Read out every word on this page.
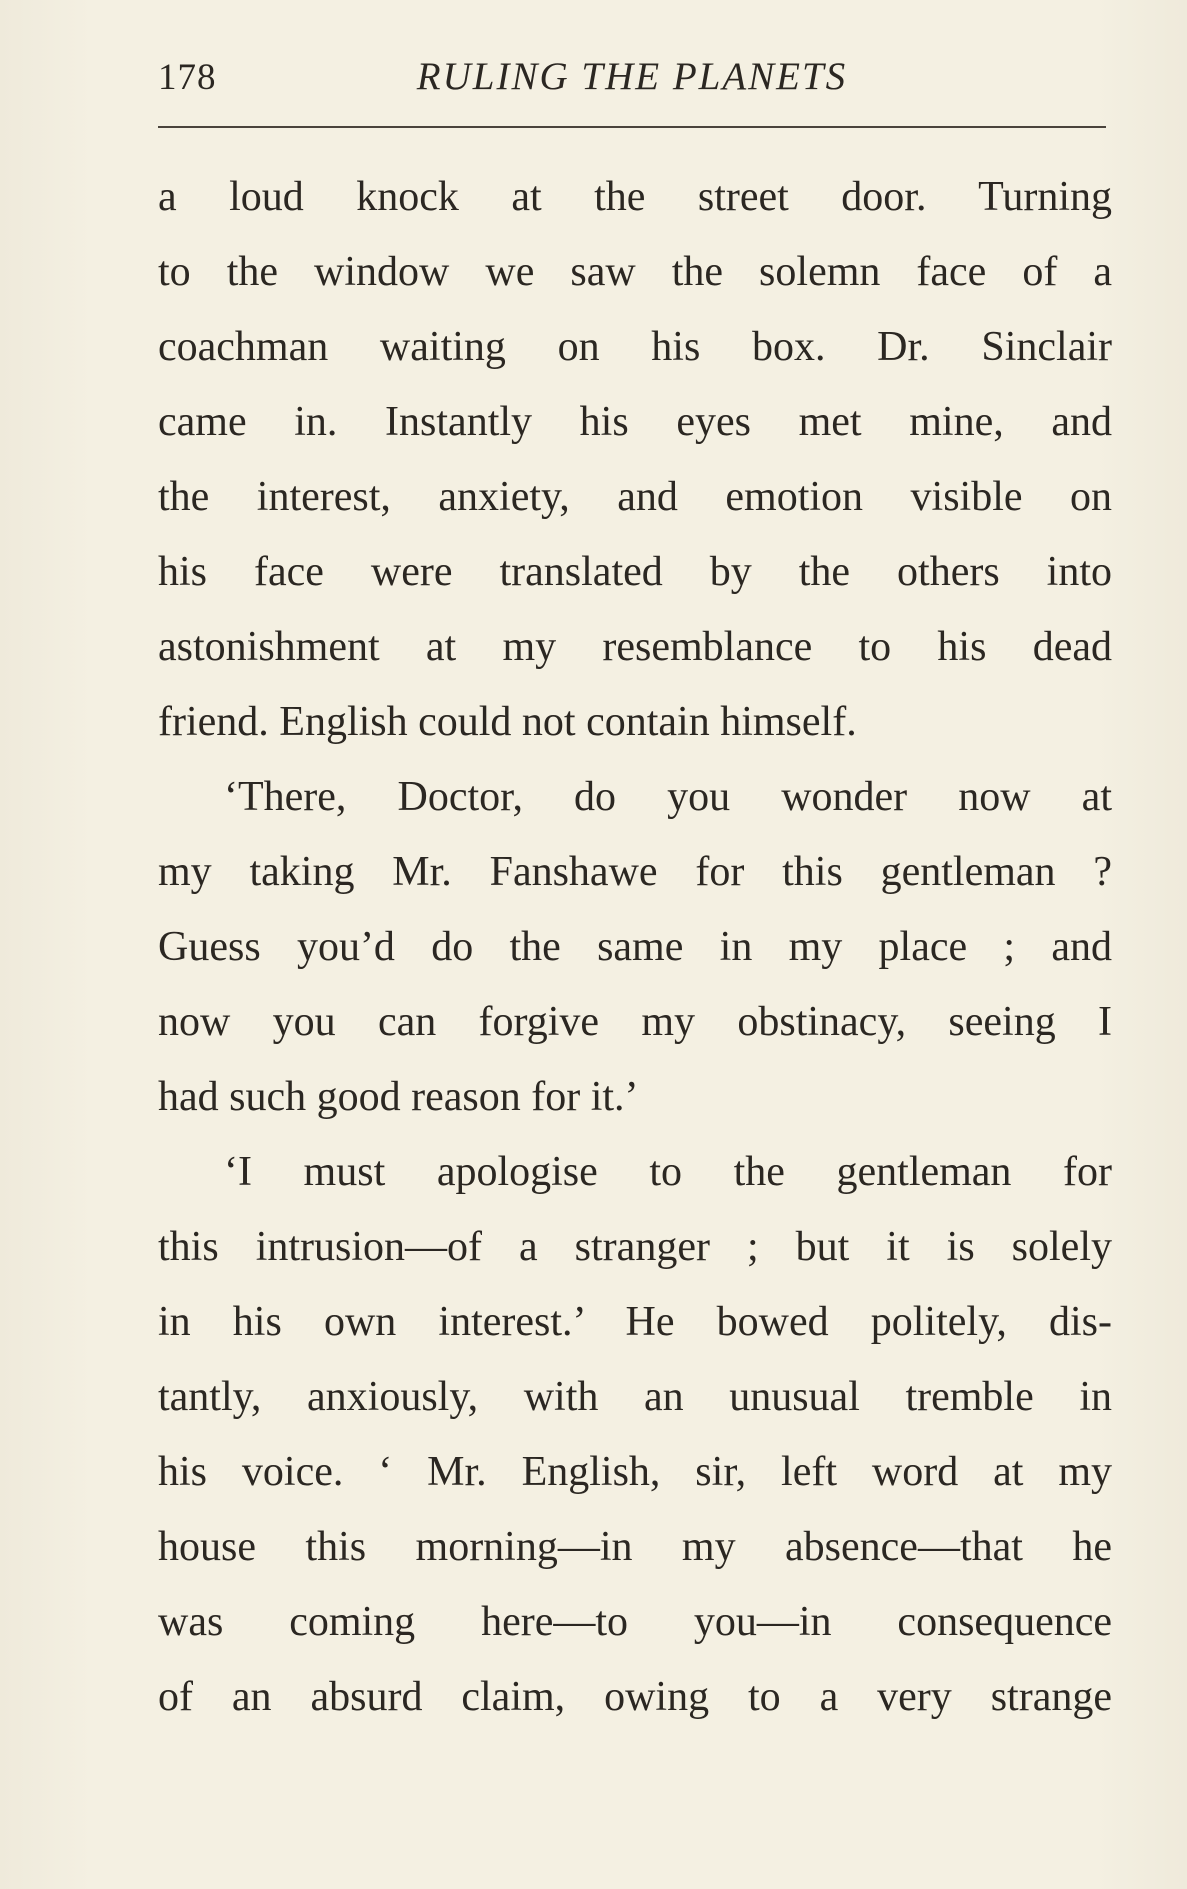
178	RULING THE PLANETS
a loud knock at the street door. Turning
to the window we saw the solemn face of a
coachman waiting on his box. Dr. Sinclair
came in. Instantly his eyes met mine, and
the interest, anxiety, and emotion visible on
his face were translated by the others into
astonishment at my resemblance to his dead
friend. English could not contain himself.
‘There, Doctor, do you wonder now at
my taking Mr. Fanshawe for this gentleman ?
Guess you’d do the same in my place ; and
now you can forgive my obstinacy, seeing I
had such good reason for it.’
‘I must apologise to the gentleman for
this intrusion—of a stranger ; but it is solely
in his own interest.’ He bowed politely, dis-
tantly, anxiously, with an unusual tremble in
his voice. ‘ Mr. English, sir, left word at my
house this morning—in my absence—that he
was coming here—to you—in consequence
of an absurd claim, owing to a very strange
